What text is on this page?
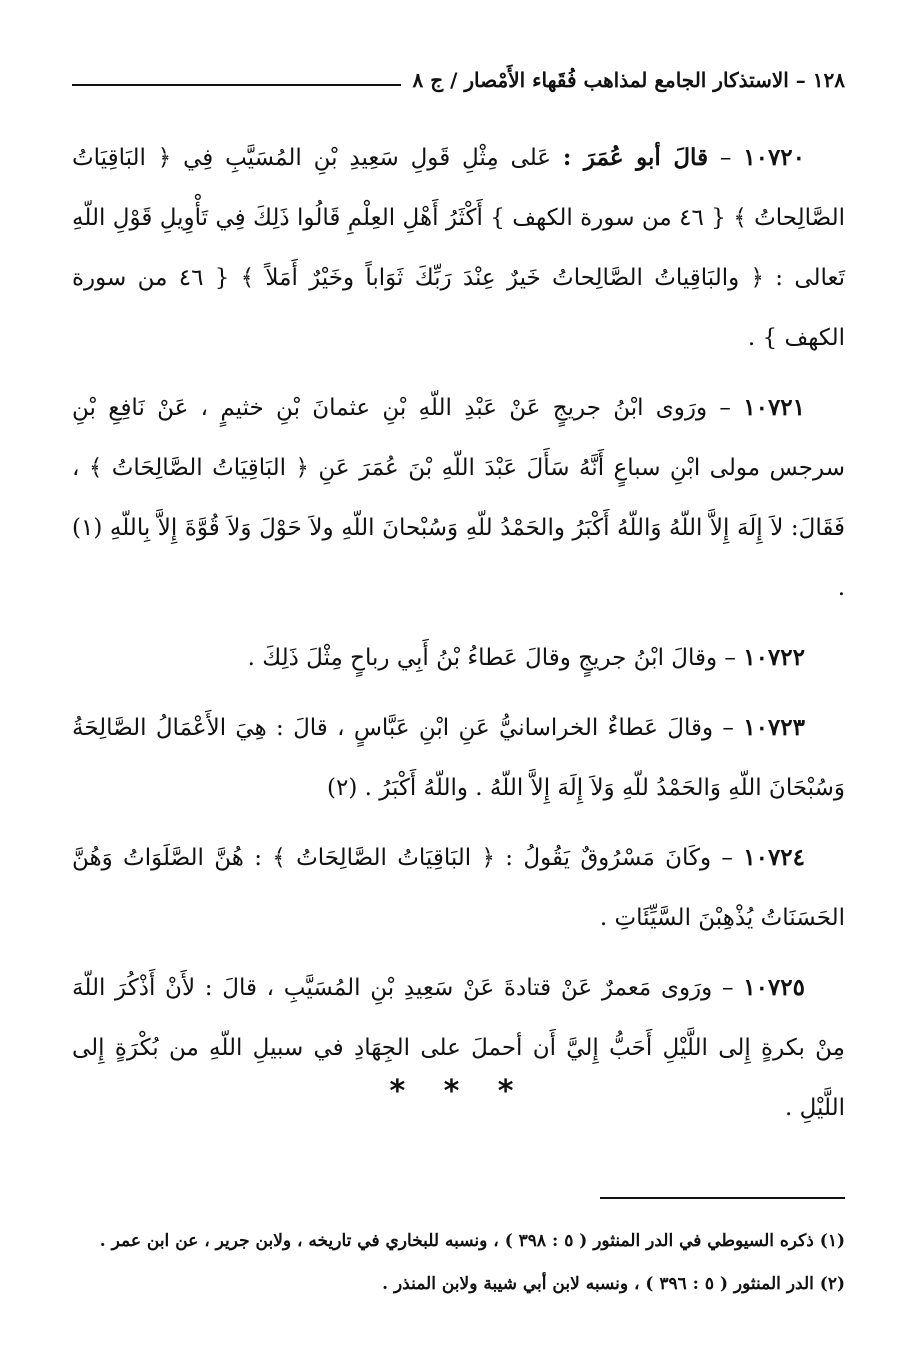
١٢٨ – الاستذكار الجامع لمذاهب فُقَهاء الأَمْصار / ج ٨

١٠٧٢٠ – قالَ أبو عُمَرَ : عَلى مِثْلِ قَولِ سَعِيدِ بْنِ المُسَيَّبِ فِي ﴿ البَاقِيَاتُ الصَّالِحاتُ ﴾ { ٤٦ من سورة الكهف } أَكْثَرُ أَهْلِ العِلْمِ قَالُوا ذَلِكَ فِي تَأْوِيلِ قَوْلِ اللّهِ تَعالى : ﴿ والبَاقِياتُ الصَّالِحاتُ خَيرٌ عِنْدَ رَبِّكَ ثَوَاباً وخَيْرٌ أَمَلاً ﴾ { ٤٦ من سورة الكهف } .

١٠٧٢١ – ورَوى ابْنُ جريجٍ عَنْ عَبْدِ اللّهِ بْنِ عثمانَ بْنِ خثيمٍ ، عَنْ نَافِعِ بْنِ سرجس مولى ابْنِ سباعٍ أَنَّهُ سَأَلَ عَبْدَ اللّهِ بْنَ عُمَرَ عَنِ ﴿ البَاقِيَاتُ الصَّالِحَاتُ ﴾ ، فَقَالَ: لاَ إِلَهَ إِلاَّ اللّهُ وَاللّهُ أَكْبَرُ والحَمْدُ للّهِ وَسُبْحانَ اللّهِ ولاَ حَوْلَ وَلاَ قُوَّةَ إِلاَّ بِاللّهِ (١) .

١٠٧٢٢ – وقالَ ابْنُ جريجٍ وقالَ عَطاءُ بْنُ أَبِي رباحٍ مِثْلَ ذَلِكَ .

١٠٧٢٣ – وقالَ عَطاءٌ الخراسانيُّ عَنِ ابْنِ عَبَّاسٍ ، قالَ : هِيَ الأَعْمَالُ الصَّالِحَةُ وَسُبْحَانَ اللّهِ وَالحَمْدُ للّهِ وَلاَ إِلَهَ إِلاَّ اللّهُ . واللّهُ أَكْبَرُ . (٢)

١٠٧٢٤ – وكَانَ مَسْرُوقٌ يَقُولُ : ﴿ البَاقِيَاتُ الصَّالِحَاتُ ﴾ : هُنَّ الصَّلَوَاتُ وَهُنَّ الحَسَنَاتُ يُذْهِبْنَ السَّيِّئَاتِ .

١٠٧٢٥ – ورَوى مَعمرٌ عَنْ قتادةَ عَنْ سَعِيدِ بْنِ المُسَيَّبِ ، قالَ : لأَنْ أَذْكُرَ اللّهَ مِنْ بكرةٍ إِلى اللَّيْلِ أَحَبُّ إِليَّ أَن أحملَ على الجِهَادِ في سبيلِ اللّهِ من بُكْرَةٍ إِلى اللَّيْلِ .

* * *

(١) ذكره السيوطي في الدر المنثور ( ٥ : ٣٩٨ ) ، ونسبه للبخاري في تاريخه ، ولابن جرير ، عن ابن عمر .

(٢) الدر المنثور ( ٥ : ٣٩٦ ) ، ونسبه لابن أبي شيبة ولابن المنذر .
